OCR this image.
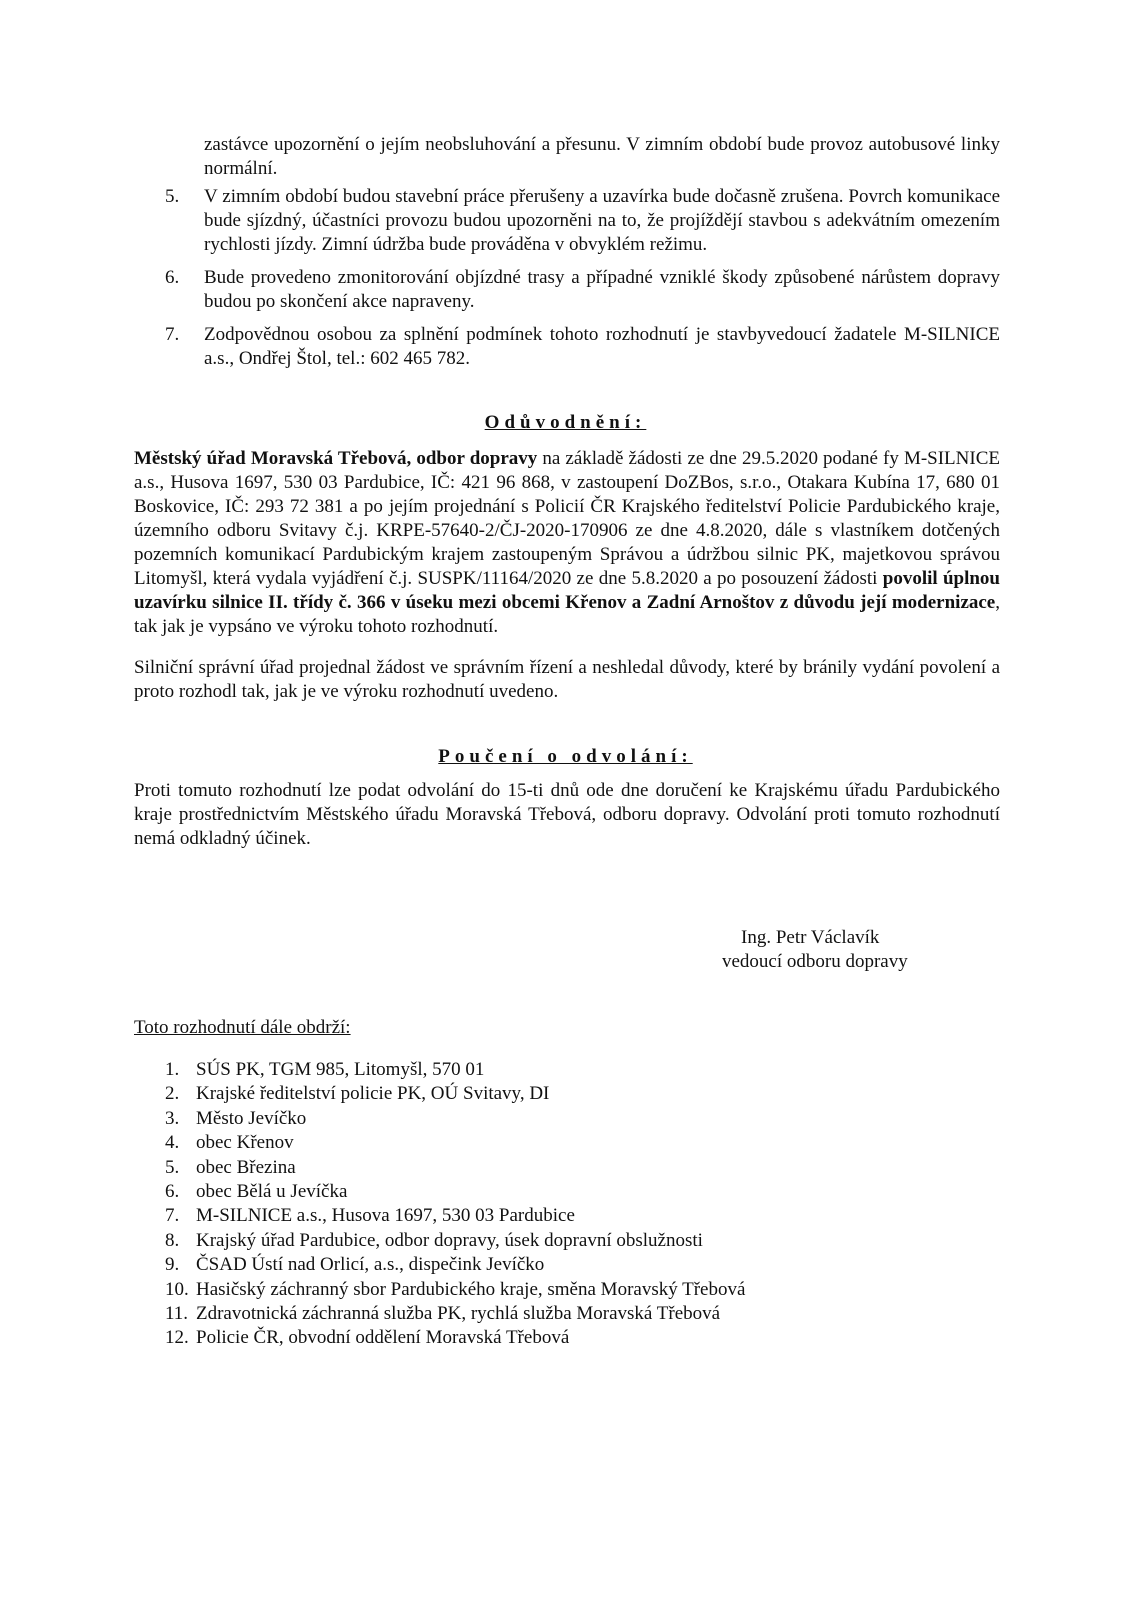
zastávce upozornění o jejím neobsluhování a přesunu. V zimním období bude provoz autobusové linky normální.
5.	V zimním období budou stavební práce přerušeny a uzavírka bude dočasně zrušena. Povrch komunikace bude sjízdný, účastníci provozu budou upozorněni na to, že projíždějí stavbou s adekvátním omezením rychlosti jízdy. Zimní údržba bude prováděna v obvyklém režimu.
6.	Bude provedeno zmonitorování objízdné trasy a případné vzniklé škody způsobené nárůstem dopravy budou po skončení akce napraveny.
7.	Zodpovědnou osobou za splnění podmínek tohoto rozhodnutí je stavbyvedoucí žadatele M-SILNICE a.s., Ondřej Štol, tel.: 602 465 782.
Odůvodnění:
Městský úřad Moravská Třebová, odbor dopravy na základě žádosti ze dne 29.5.2020 podané fy M-SILNICE a.s., Husova 1697, 530 03 Pardubice, IČ: 421 96 868, v zastoupení DoZBos, s.r.o., Otakara Kubína 17, 680 01 Boskovice, IČ: 293 72 381 a po jejím projednání s Policií ČR Krajského ředitelství Policie Pardubického kraje, územního odboru Svitavy č.j. KRPE-57640-2/ČJ-2020-170906 ze dne 4.8.2020, dále s vlastníkem dotčených pozemních komunikací Pardubickým krajem zastoupeným Správou a údržbou silnic PK, majetkovou správou Litomyšl, která vydala vyjádření č.j. SUSPK/11164/2020 ze dne 5.8.2020 a po posouzení žádosti povolil úplnou uzavírku silnice II. třídy č. 366 v úseku mezi obcemi Křenov a Zadní Arnoštov z důvodu její modernizace, tak jak je vypsáno ve výroku tohoto rozhodnutí.
Silniční správní úřad projednal žádost ve správním řízení a neshledal důvody, které by bránily vydání povolení a proto rozhodl tak, jak je ve výroku rozhodnutí uvedeno.
Poučení o odvolání:
Proti tomuto rozhodnutí lze podat odvolání do 15-ti dnů ode dne doručení ke Krajskému úřadu Pardubického kraje prostřednictvím Městského úřadu Moravská Třebová, odboru dopravy. Odvolání proti tomuto rozhodnutí nemá odkladný účinek.
Ing. Petr Václavík
vedoucí odboru dopravy
Toto rozhodnutí dále obdrží:
1. SÚS PK, TGM 985, Litomyšl, 570 01
2. Krajské ředitelství policie PK, OÚ Svitavy, DI
3. Město Jevíčko
4. obec Křenov
5. obec Březina
6. obec Bělá u Jevíčka
7. M-SILNICE a.s., Husova 1697, 530 03 Pardubice
8. Krajský úřad Pardubice, odbor dopravy, úsek dopravní obslužnosti
9. ČSAD Ústí nad Orlicí, a.s., dispečink Jevíčko
10. Hasičský záchranný sbor Pardubického kraje, směna Moravský Třebová
11. Zdravotnická záchranná služba PK, rychlá služba Moravská Třebová
12. Policie ČR, obvodní oddělení Moravská Třebová
